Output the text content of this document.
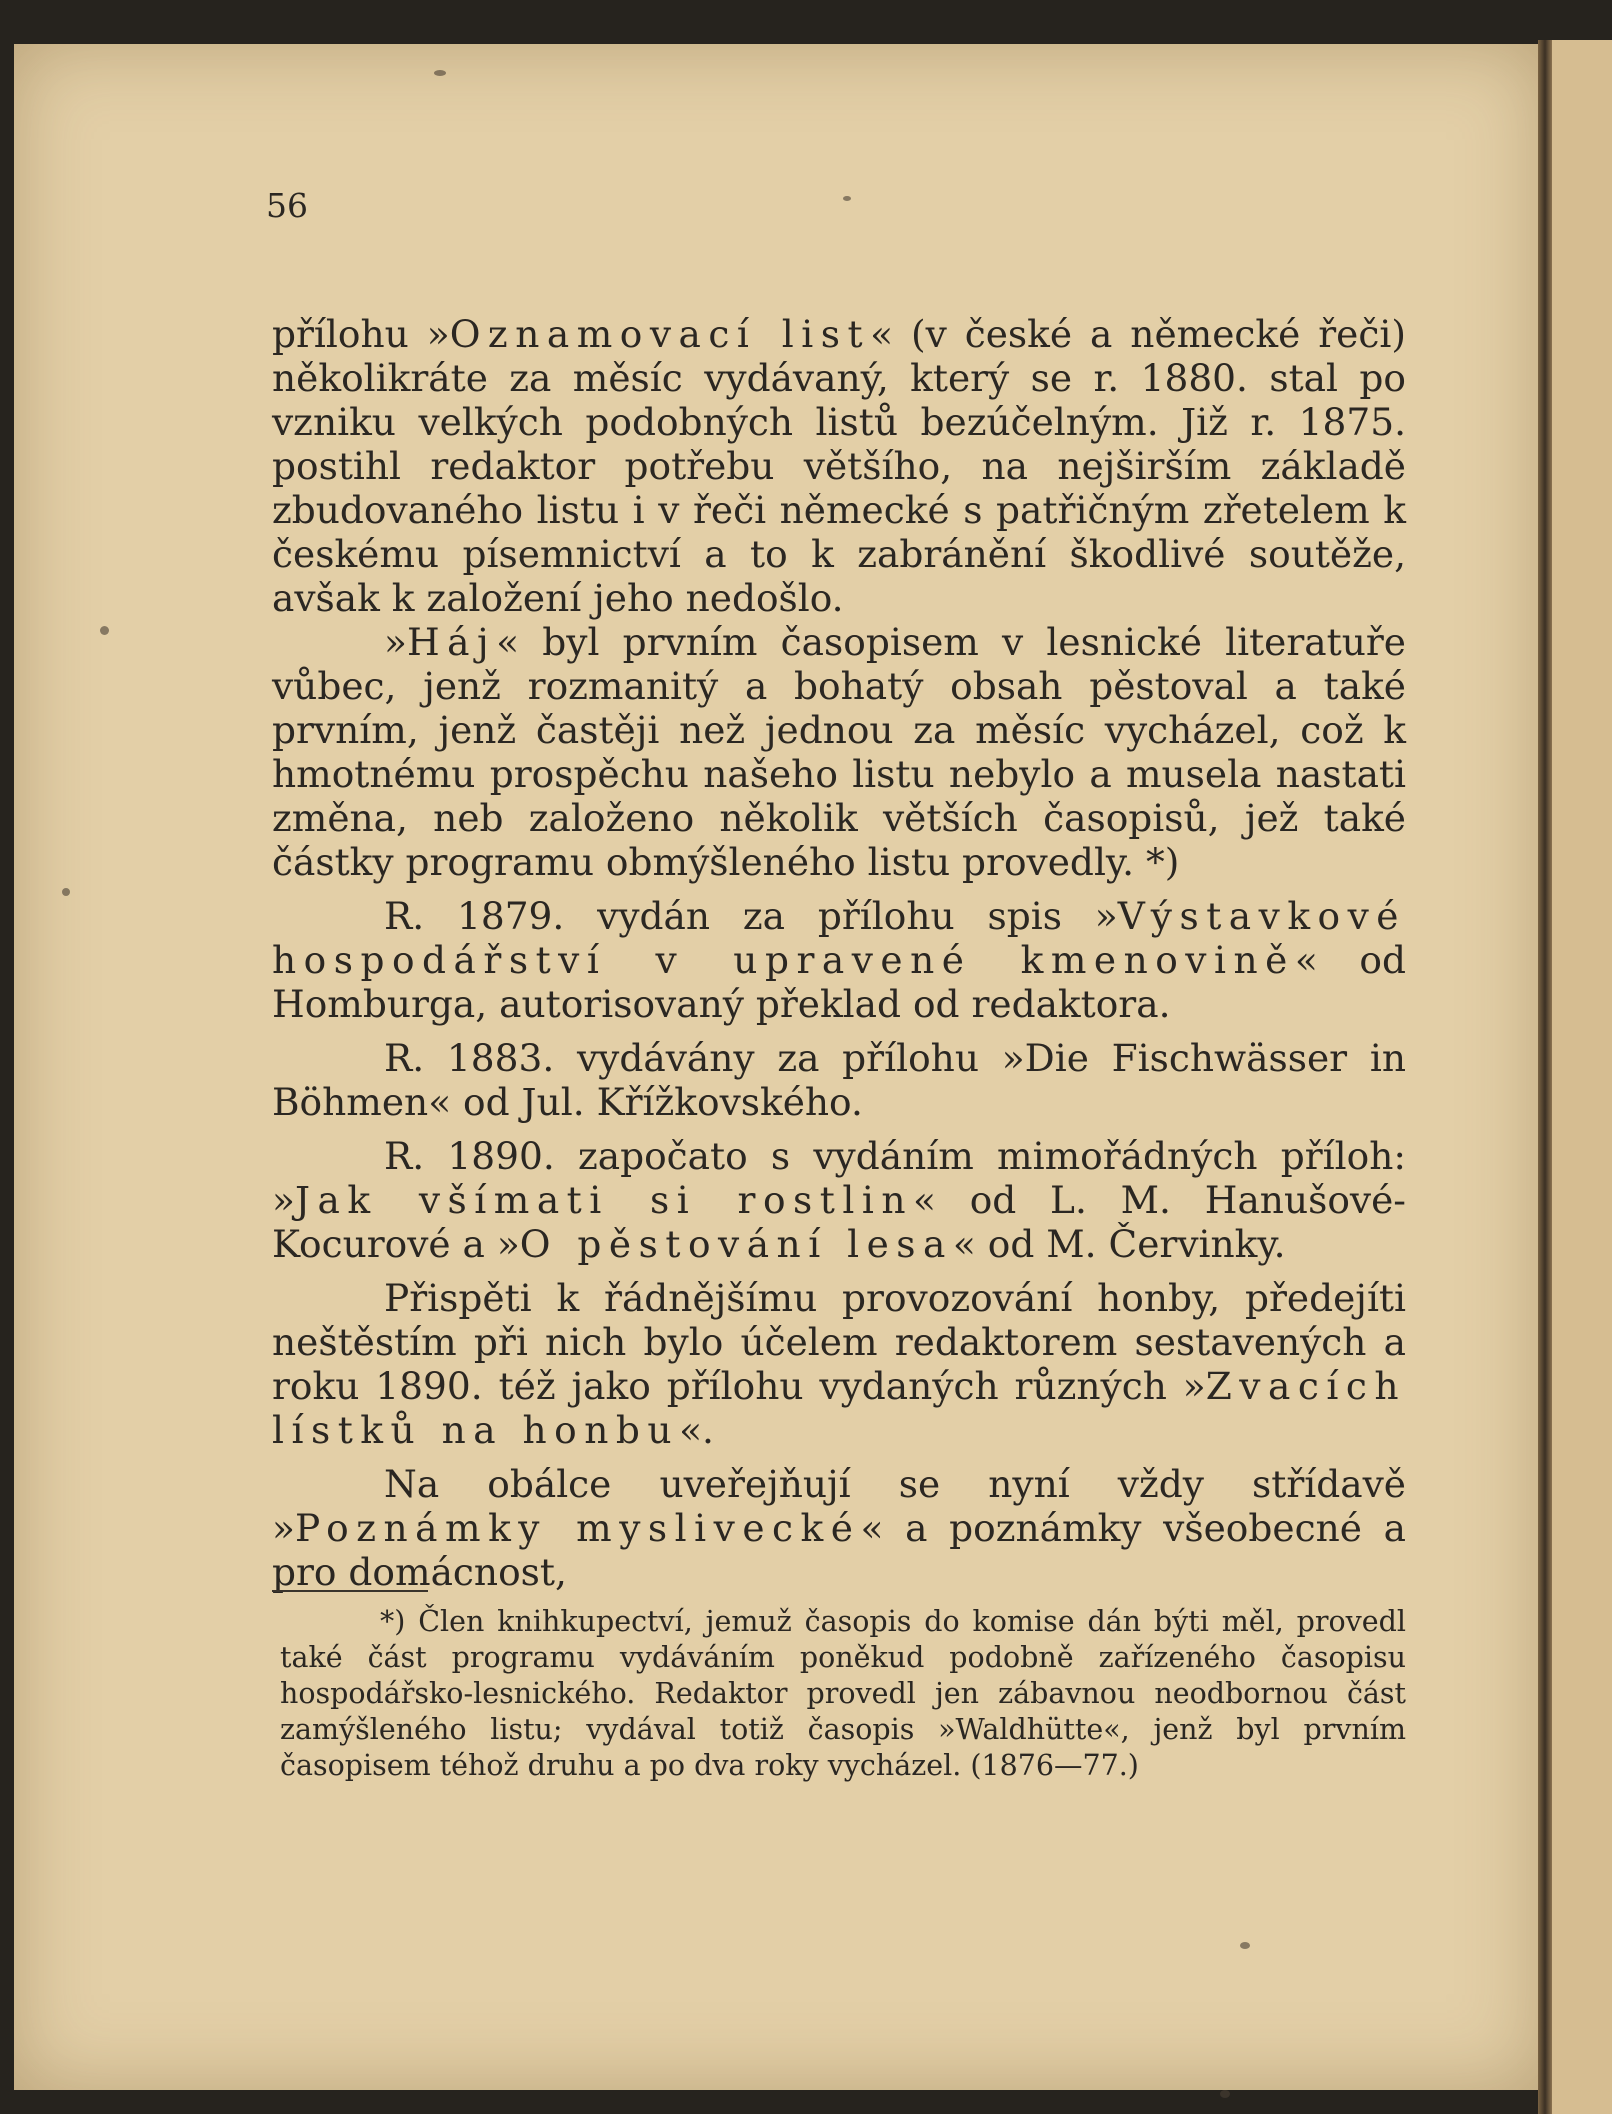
56

přílohu »Oznamovací list« (v české a německé řeči) několikráte za měsíc vydávaný, který se r. 1880. stal po vzniku velkých podobných listů bezúčelným. Již r. 1875. postihl redaktor potřebu většího, na nejširším základě zbudovaného listu i v řeči německé s patřičným zřetelem k českému písemnictví a to k zabránění škodlivé soutěže, avšak k založení jeho nedošlo.

»Háj« byl prvním časopisem v lesnické literatuře vůbec, jenž rozmanitý a bohatý obsah pěstoval a také prvním, jenž častěji než jednou za měsíc vycházel, což k hmotnému prospěchu našeho listu nebylo a musela nastati změna, neb založeno několik větších časopisů, jež také částky programu obmýšleného listu provedly. *)

R. 1879. vydán za přílohu spis »Výstavkové hospodářství v upravené kmenovině« od Homburga, autorisovaný překlad od redaktora.

R. 1883. vydávány za přílohu »Die Fischwässer in Böhmen« od Jul. Křížkovského.

R. 1890. započato s vydáním mimořádných příloh: »Jak všímati si rostlin« od L. M. Hanušové-Kocurové a »O pěstování lesa« od M. Červinky.

Přispěti k řádnějšímu provozování honby, předejíti neštěstím při nich bylo účelem redaktorem sestavených a roku 1890. též jako přílohu vydaných různých »Zvacích lístků na honbu«.

Na obálce uveřejňují se nyní vždy střídavě »Poznámky myslivecké« a poznámky všeobecné a pro domácnost,

*) Člen knihkupectví, jemuž časopis do komise dán býti měl, provedl také část programu vydáváním poněkud podobně zařízeného časopisu hospodářsko-lesnického. Redaktor provedl jen zábavnou neodbornou část zamýšleného listu; vydával totiž časopis »Waldhütte«, jenž byl prvním časopisem téhož druhu a po dva roky vycházel. (1876—77.)
